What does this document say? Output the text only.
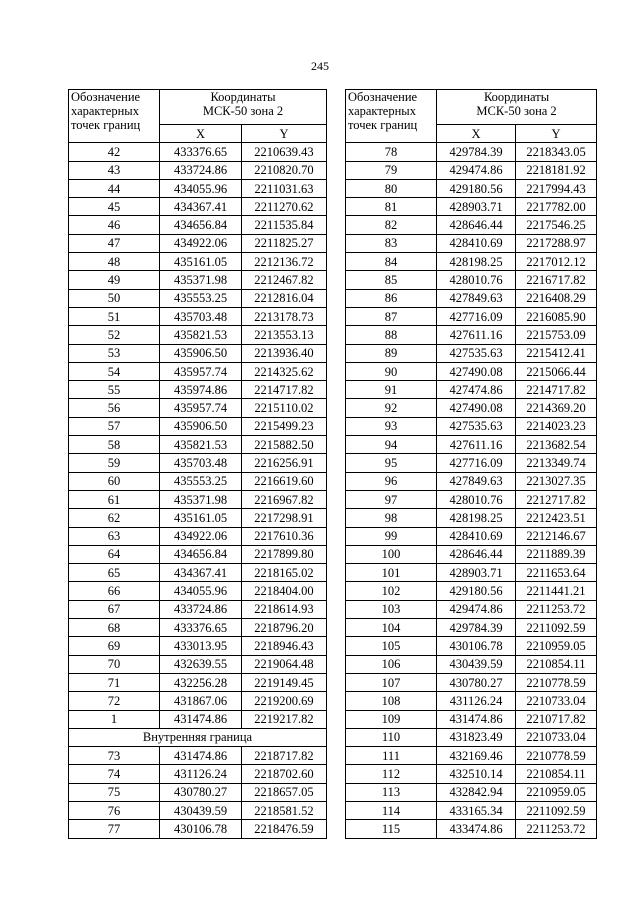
245
Обозначение
характерных
точек границ	Координаты
МСК-50 зона 2	
	X	Y
42	433376.65	2210639.43
43	433724.86	2210820.70
44	434055.96	2211031.63
45	434367.41	2211270.62
46	434656.84	2211535.84
47	434922.06	2211825.27
48	435161.05	2212136.72
49	435371.98	2212467.82
50	435553.25	2212816.04
51	435703.48	2213178.73
52	435821.53	2213553.13
53	435906.50	2213936.40
54	435957.74	2214325.62
55	435974.86	2214717.82
56	435957.74	2215110.02
57	435906.50	2215499.23
58	435821.53	2215882.50
59	435703.48	2216256.91
60	435553.25	2216619.60
61	435371.98	2216967.82
62	435161.05	2217298.91
63	434922.06	2217610.36
64	434656.84	2217899.80
65	434367.41	2218165.02
66	434055.96	2218404.00
67	433724.86	2218614.93
68	433376.65	2218796.20
69	433013.95	2218946.43
70	432639.55	2219064.48
71	432256.28	2219149.45
72	431867.06	2219200.69
1	431474.86	2219217.82
Внутренняя граница		
73	431474.86	2218717.82
74	431126.24	2218702.60
75	430780.27	2218657.05
76	430439.59	2218581.52
77	430106.78	2218476.59
Обозначение
характерных
точек границ	Координаты
МСК-50 зона 2	
	X	Y
78	429784.39	2218343.05
79	429474.86	2218181.92
80	429180.56	2217994.43
81	428903.71	2217782.00
82	428646.44	2217546.25
83	428410.69	2217288.97
84	428198.25	2217012.12
85	428010.76	2216717.82
86	427849.63	2216408.29
87	427716.09	2216085.90
88	427611.16	2215753.09
89	427535.63	2215412.41
90	427490.08	2215066.44
91	427474.86	2214717.82
92	427490.08	2214369.20
93	427535.63	2214023.23
94	427611.16	2213682.54
95	427716.09	2213349.74
96	427849.63	2213027.35
97	428010.76	2212717.82
98	428198.25	2212423.51
99	428410.69	2212146.67
100	428646.44	2211889.39
101	428903.71	2211653.64
102	429180.56	2211441.21
103	429474.86	2211253.72
104	429784.39	2211092.59
105	430106.78	2210959.05
106	430439.59	2210854.11
107	430780.27	2210778.59
108	431126.24	2210733.04
109	431474.86	2210717.82
110	431823.49	2210733.04
111	432169.46	2210778.59
112	432510.14	2210854.11
113	432842.94	2210959.05
114	433165.34	2211092.59
115	433474.86	2211253.72
